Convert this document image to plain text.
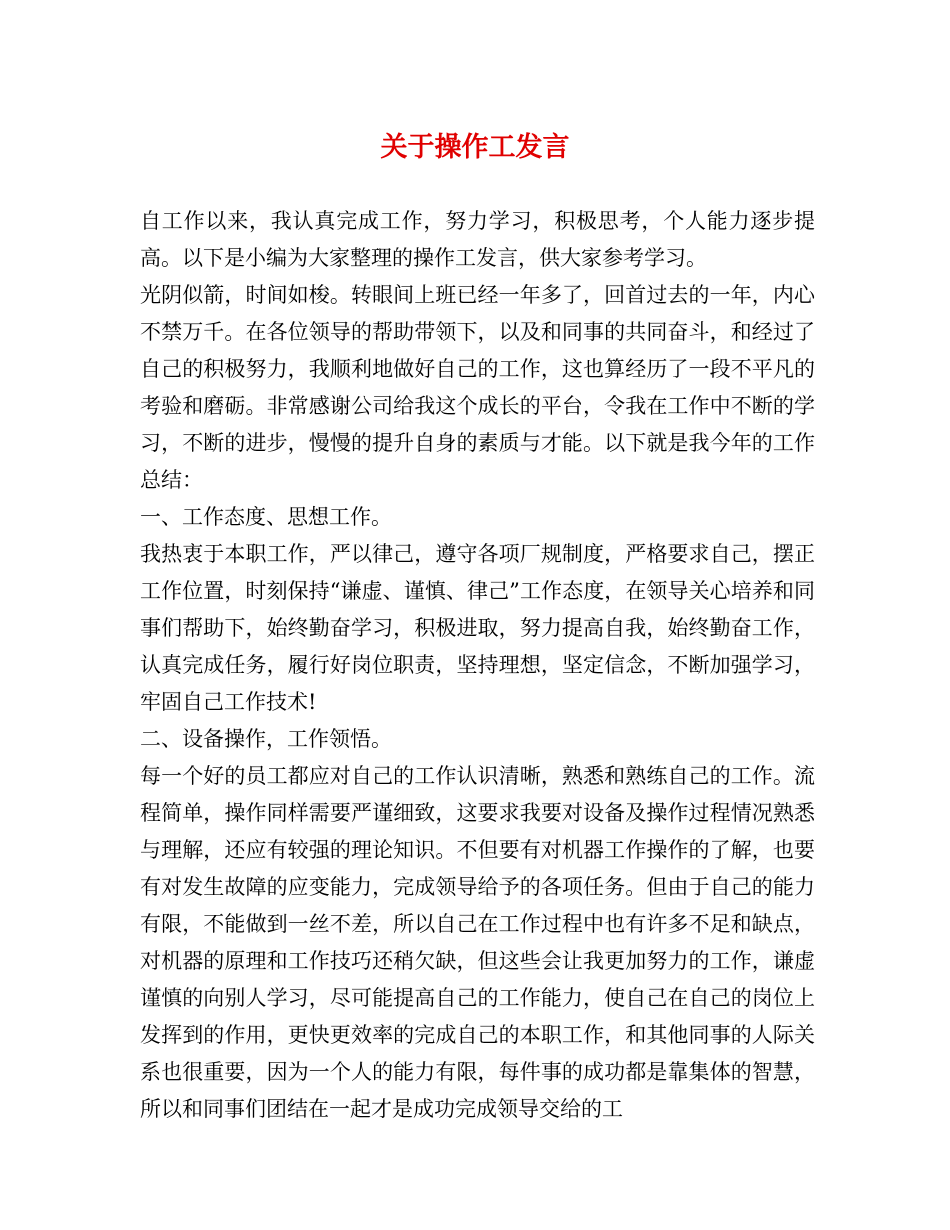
关于操作工发言

自工作以来，我认真完成工作，努力学习，积极思考，个人能力逐步提高。以下是小编为大家整理的操作工发言，供大家参考学习。

光阴似箭，时间如梭。转眼间上班已经一年多了，回首过去的一年，内心不禁万千。在各位领导的帮助带领下，以及和同事的共同奋斗，和经过了自己的积极努力，我顺利地做好自己的工作，这也算经历了一段不平凡的考验和磨砺。非常感谢公司给我这个成长的平台，令我在工作中不断的学习，不断的进步，慢慢的提升自身的素质与才能。以下就是我今年的工作总结：

一、工作态度、思想工作。

我热衷于本职工作，严以律己，遵守各项厂规制度，严格要求自己，摆正工作位置，时刻保持“谦虚、谨慎、律己”工作态度，在领导关心培养和同事们帮助下，始终勤奋学习，积极进取，努力提高自我，始终勤奋工作，认真完成任务，履行好岗位职责，坚持理想，坚定信念，不断加强学习，牢固自己工作技术!

二、设备操作，工作领悟。

每一个好的员工都应对自己的工作认识清晰，熟悉和熟练自己的工作。流程简单，操作同样需要严谨细致，这要求我要对设备及操作过程情况熟悉与理解，还应有较强的理论知识。不但要有对机器工作操作的了解，也要有对发生故障的应变能力，完成领导给予的各项任务。但由于自己的能力有限，不能做到一丝不差，所以自己在工作过程中也有许多不足和缺点，对机器的原理和工作技巧还稍欠缺，但这些会让我更加努力的工作，谦虚谨慎的向别人学习，尽可能提高自己的工作能力，使自己在自己的岗位上发挥到的作用，更快更效率的完成自己的本职工作，和其他同事的人际关系也很重要，因为一个人的能力有限，每件事的成功都是靠集体的智慧，所以和同事们团结在一起才是成功完成领导交给的工
